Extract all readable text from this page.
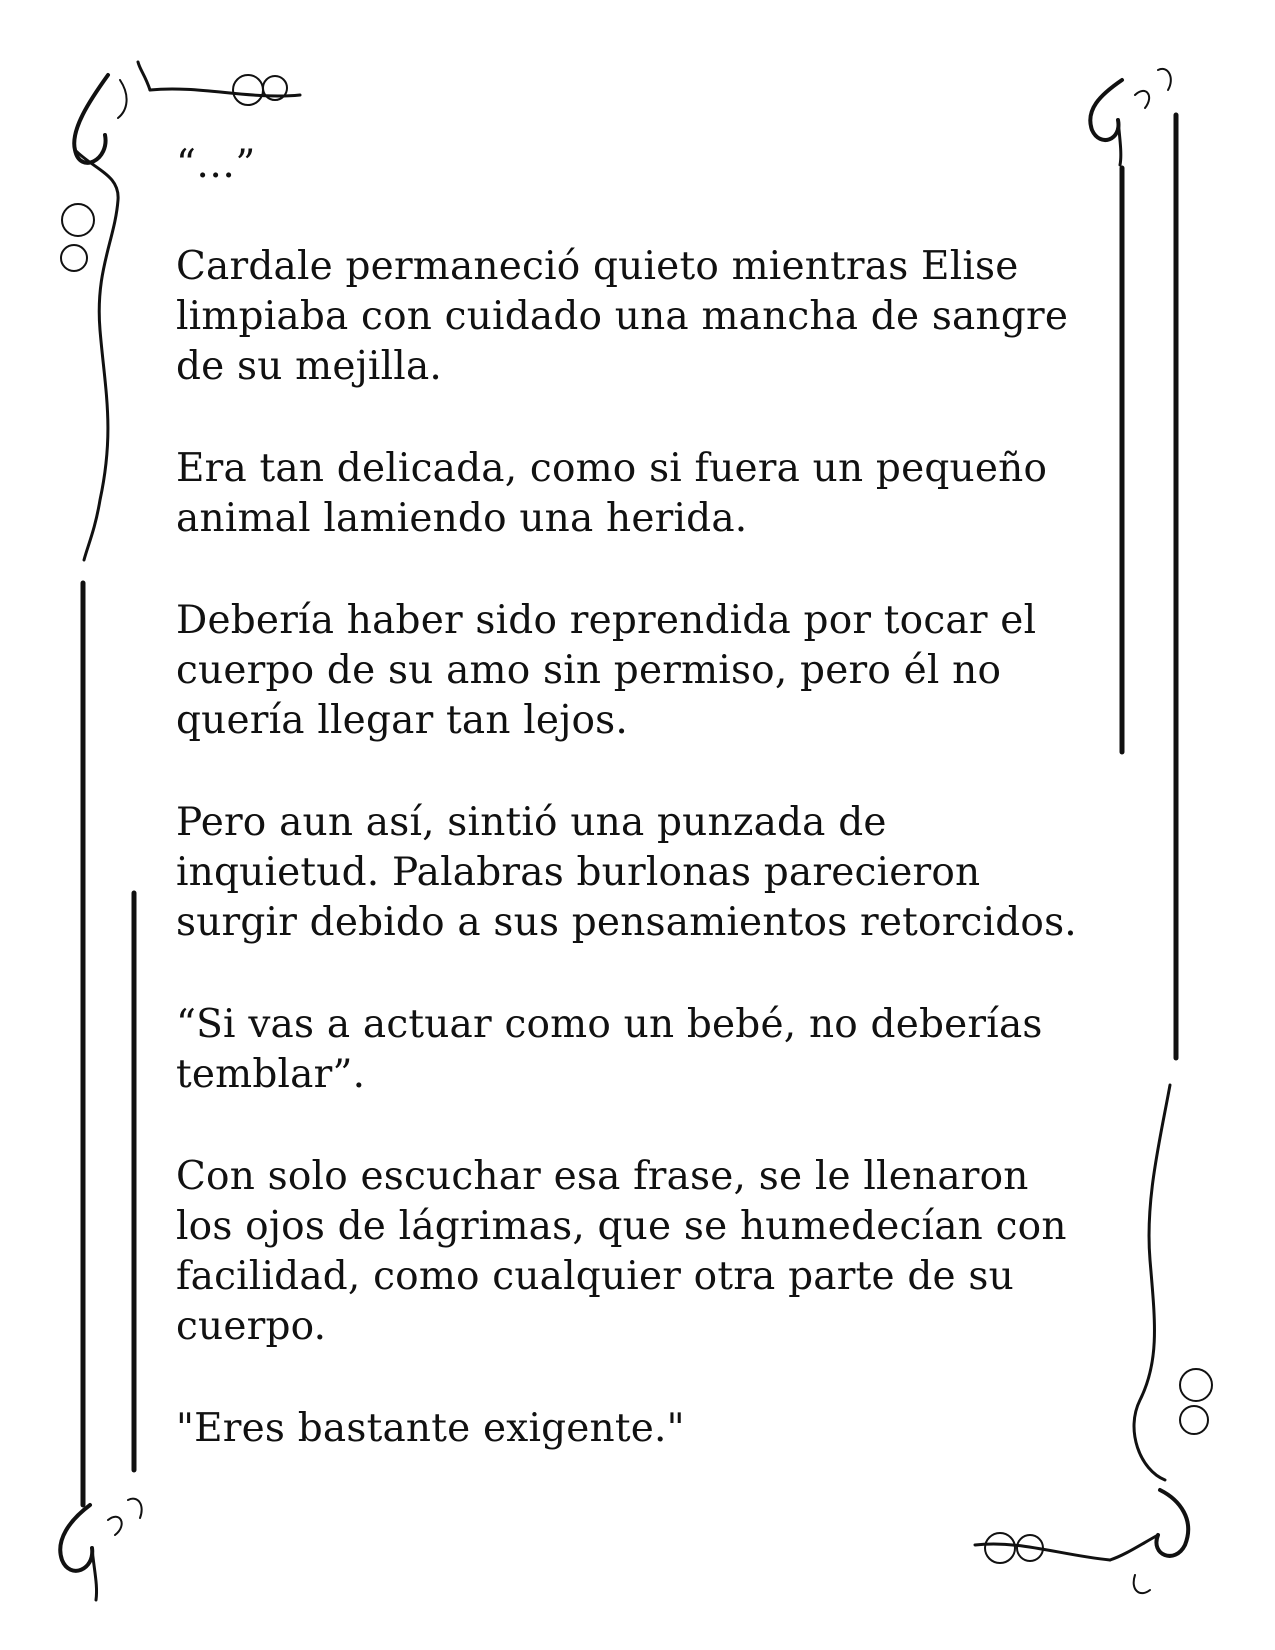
“…”

Cardale permaneció quieto mientras Elise limpiaba con cuidado una mancha de sangre de su mejilla.

Era tan delicada, como si fuera un pequeño animal lamiendo una herida.

Debería haber sido reprendida por tocar el cuerpo de su amo sin permiso, pero él no quería llegar tan lejos.

Pero aun así, sintió una punzada de inquietud. Palabras burlonas parecieron surgir debido a sus pensamientos retorcidos.

“Si vas a actuar como un bebé, no deberías temblar”.

Con solo escuchar esa frase, se le llenaron los ojos de lágrimas, que se humedecían con facilidad, como cualquier otra parte de su cuerpo.

"Eres bastante exigente."
